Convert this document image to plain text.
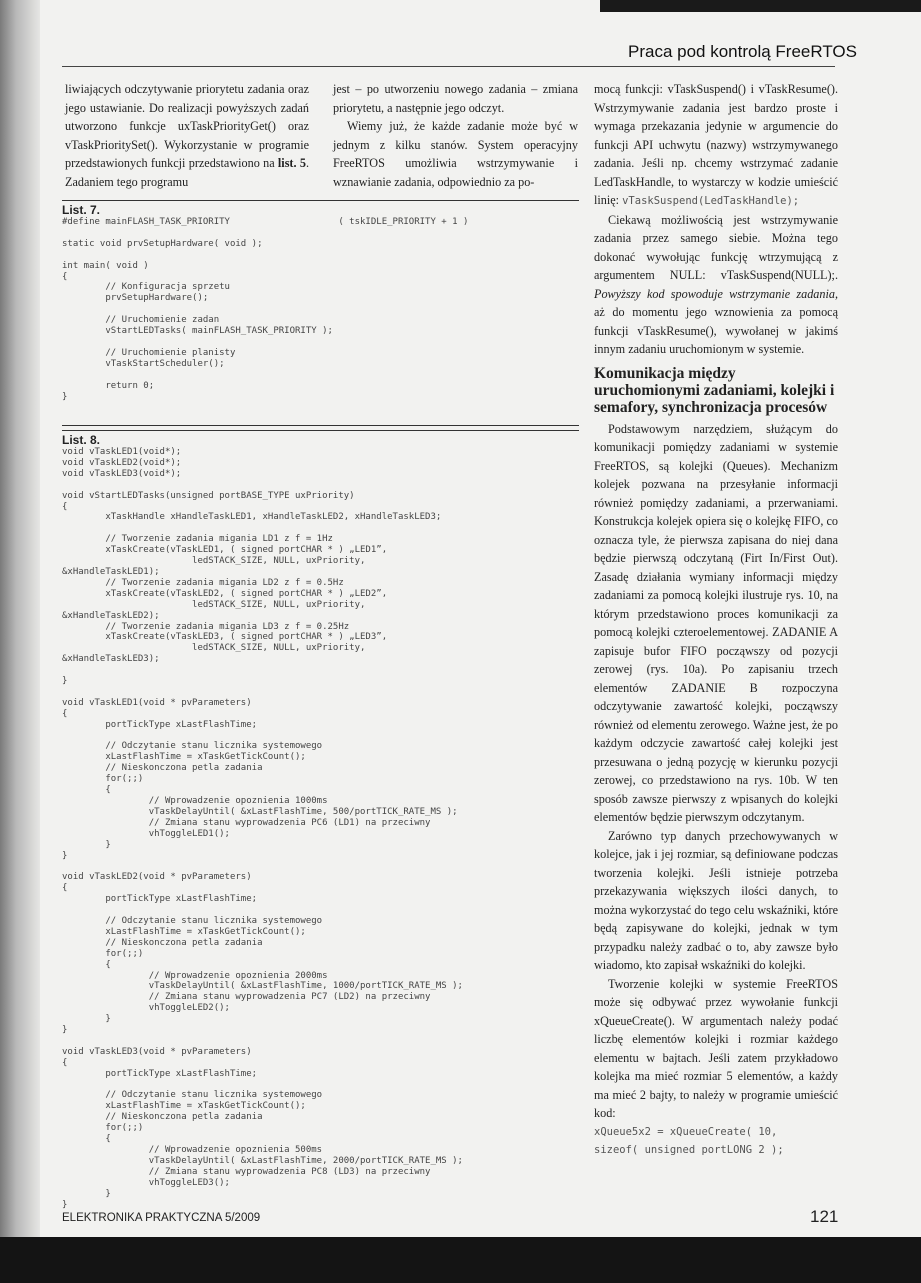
Praca pod kontrolą FreeRTOS

liwiających odczytywanie priorytetu zadania oraz jego ustawianie. Do realizacji powyższych zadań utworzono funkcje uxTaskPriorityGet() oraz vTaskPrioritySet(). Wykorzystanie w programie przedstawionych funkcji przedstawiono na list. 5. Zadaniem tego programu

jest – po utworzeniu nowego zadania – zmiana priorytetu, a następnie jego odczyt.

Wiemy już, że każde zadanie może być w jednym z kilku stanów. System operacyjny FreeRTOS umożliwia wstrzymywanie i wznawianie zadania, odpowiednio za po-

List. 7.
#define mainFLASH_TASK_PRIORITY                    ( tskIDLE_PRIORITY + 1 )

static void prvSetupHardware( void );

int main( void )
{
// Konfiguracja sprzetu
prvSetupHardware();

// Uruchomienie zadan
vStartLEDTasks( mainFLASH_TASK_PRIORITY );

// Uruchomienie planisty
vTaskStartScheduler();

return 0;
}
List. 8.
void vTaskLED1(void*);
void vTaskLED2(void*);
void vTaskLED3(void*);

void vStartLEDTasks(unsigned portBASE_TYPE uxPriority)
{
xTaskHandle xHandleTaskLED1, xHandleTaskLED2, xHandleTaskLED3;

// Tworzenie zadania migania LD1 z f = 1Hz
xTaskCreate(vTaskLED1, ( signed portCHAR * ) „LED1”,
ledSTACK_SIZE, NULL, uxPriority,
&xHandleTaskLED1);
// Tworzenie zadania migania LD2 z f = 0.5Hz
xTaskCreate(vTaskLED2, ( signed portCHAR * ) „LED2”,
ledSTACK_SIZE, NULL, uxPriority,
&xHandleTaskLED2);
// Tworzenie zadania migania LD3 z f = 0.25Hz
xTaskCreate(vTaskLED3, ( signed portCHAR * ) „LED3”,
ledSTACK_SIZE, NULL, uxPriority,
&xHandleTaskLED3);

}

void vTaskLED1(void * pvParameters)
{
portTickType xLastFlashTime;

// Odczytanie stanu licznika systemowego
xLastFlashTime = xTaskGetTickCount();
// Nieskonczona petla zadania
for(;;)
{
// Wprowadzenie opoznienia 1000ms
vTaskDelayUntil( &xLastFlashTime, 500/portTICK_RATE_MS );
// Zmiana stanu wyprowadzenia PC6 (LD1) na przeciwny
vhToggleLED1();
}
}

void vTaskLED2(void * pvParameters)
{
portTickType xLastFlashTime;

// Odczytanie stanu licznika systemowego
xLastFlashTime = xTaskGetTickCount();
// Nieskonczona petla zadania
for(;;)
{
// Wprowadzenie opoznienia 2000ms
vTaskDelayUntil( &xLastFlashTime, 1000/portTICK_RATE_MS );
// Zmiana stanu wyprowadzenia PC7 (LD2) na przeciwny
vhToggleLED2();
}
}

void vTaskLED3(void * pvParameters)
{
portTickType xLastFlashTime;

// Odczytanie stanu licznika systemowego
xLastFlashTime = xTaskGetTickCount();
// Nieskonczona petla zadania
for(;;)
{
// Wprowadzenie opoznienia 500ms
vTaskDelayUntil( &xLastFlashTime, 2000/portTICK_RATE_MS );
// Zmiana stanu wyprowadzenia PC8 (LD3) na przeciwny
vhToggleLED3();
}
}

mocą funkcji: vTaskSuspend() i vTaskResume(). Wstrzymywanie zadania jest bardzo proste i wymaga przekazania jedynie w argumencie do funkcji API uchwytu (nazwy) wstrzymywanego zadania. Jeśli np. chcemy wstrzymać zadanie LedTaskHandle, to wystarczy w kodzie umieścić linię: vTaskSuspend(LedTaskHandle);

Ciekawą możliwością jest wstrzymywanie zadania przez samego siebie. Można tego dokonać wywołując funkcję wtrzymującą z argumentem NULL: vTaskSuspend(NULL);. Powyższy kod spowoduje wstrzymanie zadania, aż do momentu jego wznowienia za pomocą funkcji vTaskResume(), wywołanej w jakimś innym zadaniu uruchomionym w systemie.

Komunikacja między uruchomionymi zadaniami, kolejki i semafory, synchronizacja procesów

Podstawowym narzędziem, służącym do komunikacji pomiędzy zadaniami w systemie FreeRTOS, są kolejki (Queues). Mechanizm kolejek pozwana na przesyłanie informacji również pomiędzy zadaniami, a przerwaniami. Konstrukcja kolejek opiera się o kolejkę FIFO, co oznacza tyle, że pierwsza zapisana do niej dana będzie pierwszą odczytaną (Firt In/First Out). Zasadę działania wymiany informacji między zadaniami za pomocą kolejki ilustruje rys. 10, na którym przedstawiono proces komunikacji za pomocą kolejki czteroelementowej. ZADANIE A zapisuje bufor FIFO począwszy od pozycji zerowej (rys. 10a). Po zapisaniu trzech elementów ZADANIE B rozpoczyna odczytywanie zawartość kolejki, począwszy również od elementu zerowego. Ważne jest, że po każdym odczycie zawartość całej kolejki jest przesuwana o jedną pozycję w kierunku pozycji zerowej, co przedstawiono na rys. 10b. W ten sposób zawsze pierwszy z wpisanych do kolejki elementów będzie pierwszym odczytanym.

Zarówno typ danych przechowywanych w kolejce, jak i jej rozmiar, są definiowane podczas tworzenia kolejki. Jeśli istnieje potrzeba przekazywania większych ilości danych, to można wykorzystać do tego celu wskaźniki, które będą zapisywane do kolejki, jednak w tym przypadku należy zadbać o to, aby zawsze było wiadomo, kto zapisał wskaźniki do kolejki.

Tworzenie kolejki w systemie FreeRTOS może się odbywać przez wywołanie funkcji xQueueCreate(). W argumentach należy podać liczbę elementów kolejki i rozmiar każdego elementu w bajtach. Jeśli zatem przykładowo kolejka ma mieć rozmiar 5 elementów, a każdy ma mieć 2 bajty, to należy w programie umieścić kod:

xQueue5x2 = xQueueCreate( 10,
sizeof( unsigned portLONG 2 );
ELEKTRONIKA PRAKTYCZNA 5/2009	121
